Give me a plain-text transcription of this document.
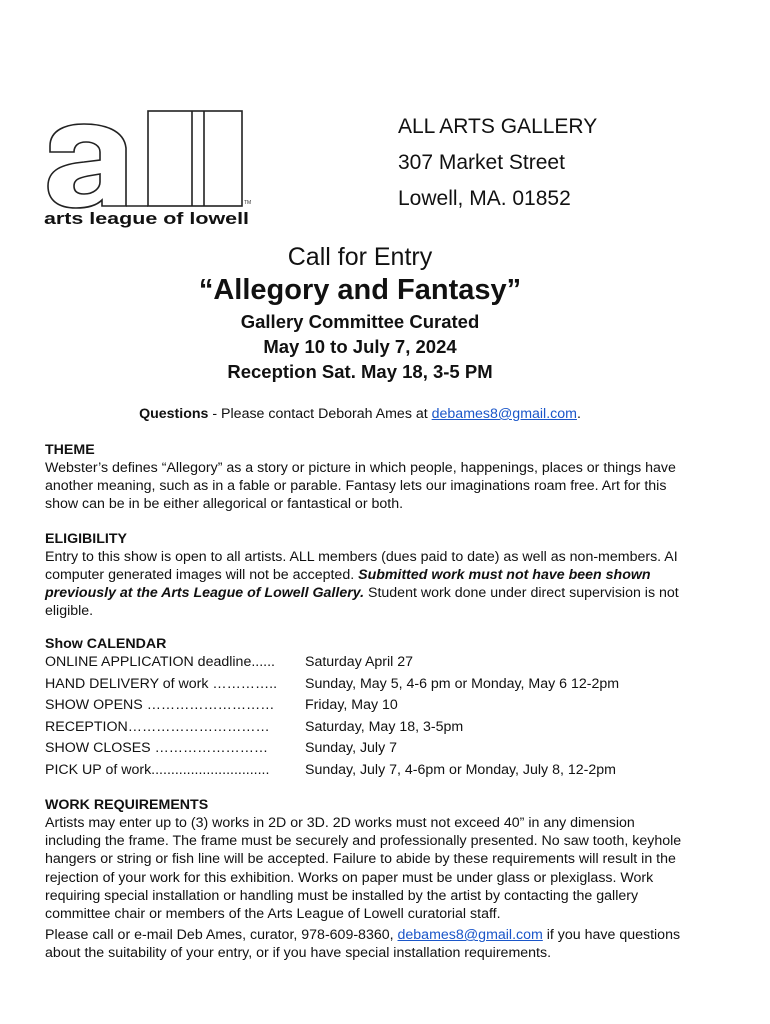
TM
arts league of lowell
ALL ARTS GALLERY
307 Market Street
Lowell, MA. 01852
Call for Entry
“Allegory and Fantasy”
Gallery Committee Curated
May 10 to July 7, 2024
Reception Sat. May 18, 3-5 PM
Questions - Please contact Deborah Ames at debames8@gmail.com.
THEME
Webster’s defines “Allegory” as a story or picture in which people, happenings, places or things have
another meaning, such as in a fable or parable. Fantasy lets our imaginations roam free. Art for this
show can be in be either allegorical or fantastical or both.
ELIGIBILITY
Entry to this show is open to all artists. ALL members (dues paid to date) as well as non-members. AI
computer generated images will not be accepted. Submitted work must not have been shown
previously at the Arts League of Lowell Gallery. Student work done under direct supervision is not
eligible.
Show CALENDAR
ONLINE APPLICATION deadline...... Saturday April 27
HAND DELIVERY of work ………….. Sunday, May 5, 4-6 pm or Monday, May 6 12-2pm
SHOW OPENS ……………………… Friday, May 10
RECEPTION………………………… Saturday, May 18, 3-5pm
SHOW CLOSES ……………………	Sunday, July 7
PICK UP of work..............................	Sunday, July 7, 4-6pm or Monday, July 8, 12-2pm
WORK REQUIREMENTS
Artists may enter up to (3) works in 2D or 3D. 2D works must not exceed 40” in any dimension
including the frame. The frame must be securely and professionally presented. No saw tooth, keyhole
hangers or string or fish line will be accepted. Failure to abide by these requirements will result in the
rejection of your work for this exhibition. Works on paper must be under glass or plexiglass. Work
requiring special installation or handling must be installed by the artist by contacting the gallery
committee chair or members of the Arts League of Lowell curatorial staff.
Please call or e-mail Deb Ames, curator, 978-609-8360, debames8@gmail.com if you have questions
about the suitability of your entry, or if you have special installation requirements.
